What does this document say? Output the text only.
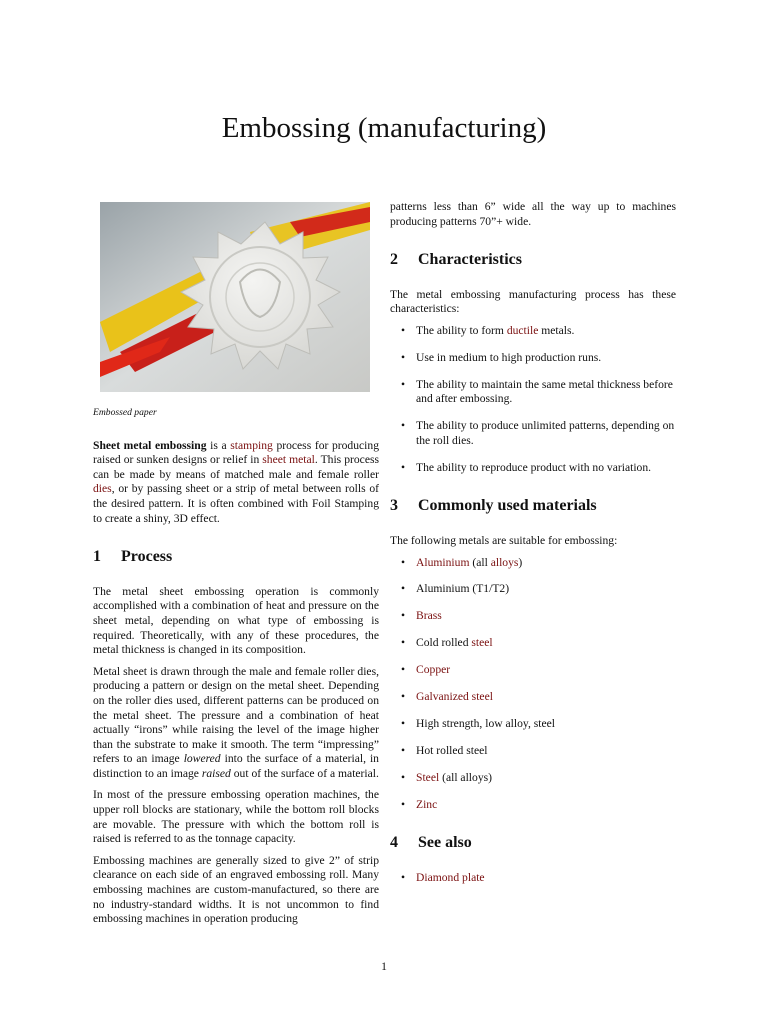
Embossing (manufacturing)
Embossed paper

Sheet metal embossing is a stamping process for producing raised or sunken designs or relief in sheet metal. This process can be made by means of matched male and female roller dies, or by passing sheet or a strip of metal between rolls of the desired pattern. It is often combined with Foil Stamping to create a shiny, 3D effect.

1 Process

The metal sheet embossing operation is commonly accomplished with a combination of heat and pressure on the sheet metal, depending on what type of embossing is required. Theoretically, with any of these procedures, the metal thickness is changed in its composition.

Metal sheet is drawn through the male and female roller dies, producing a pattern or design on the metal sheet. Depending on the roller dies used, different patterns can be produced on the metal sheet. The pressure and a combination of heat actually “irons” while raising the level of the image higher than the substrate to make it smooth. The term “impressing” refers to an image lowered into the surface of a material, in distinction to an image raised out of the surface of a material.

In most of the pressure embossing operation machines, the upper roll blocks are stationary, while the bottom roll blocks are movable. The pressure with which the bottom roll is raised is referred to as the tonnage capacity.

Embossing machines are generally sized to give 2” of strip clearance on each side of an engraved embossing roll. Many embossing machines are custom-manufactured, so there are no industry-standard widths. It is not uncommon to find embossing machines in operation producing

patterns less than 6” wide all the way up to machines producing patterns 70”+ wide.

2 Characteristics

The metal embossing manufacturing process has these characteristics:

• The ability to form ductile metals.
• Use in medium to high production runs.
• The ability to maintain the same metal thickness before and after embossing.
• The ability to produce unlimited patterns, depending on the roll dies.
• The ability to reproduce product with no variation.
3 Commonly used materials

The following metals are suitable for embossing:

• Aluminium (all alloys)
• Aluminium (T1/T2)
• Brass
• Cold rolled steel
• Copper
• Galvanized steel
• High strength, low alloy, steel
• Hot rolled steel
• Steel (all alloys)
• Zinc
4 See also
• Diamond plate
1
